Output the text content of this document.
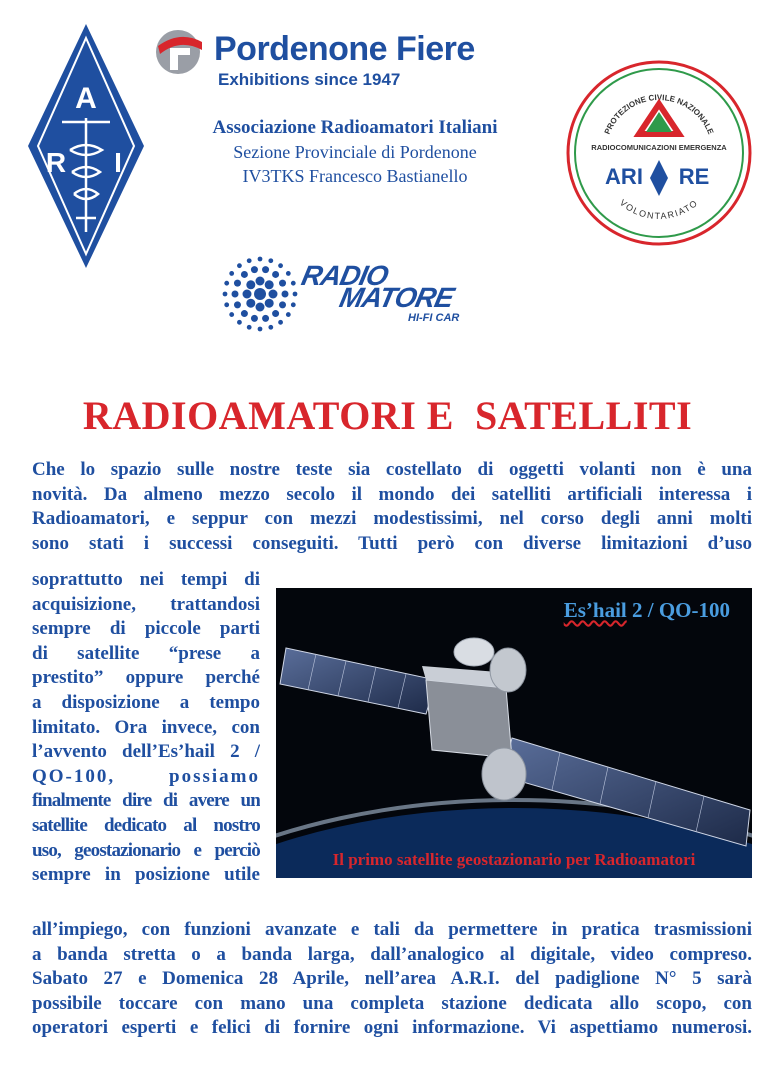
A
R I
Pordenone Fiere
Exhibitions since 1947
Associazione Radioamatori Italiani
Sezione Provinciale di Pordenone
IV3TKS Francesco Bastianello
PROTEZIONE CIVILE NAZIONALE
RADIOCOMUNICAZIONI EMERGENZA
ARI RE
VOLONTARIATO
RADIO
MATORE
HI-FI CAR
RADIOAMATORI E  SATELLITI
Che lo spazio sulle nostre teste sia costellato di oggetti volanti non è una
novità. Da almeno mezzo secolo il mondo dei satelliti artificiali interessa i
Radioamatori, e seppur con mezzi modestissimi, nel corso degli anni molti
sono stati i successi conseguiti. Tutti però con diverse limitazioni d’uso
soprattutto nei tempi di
acquisizione, trattandosi
sempre di piccole parti
di satellite “prese a
prestito” oppure perché
a disposizione a tempo
limitato. Ora invece, con
l’avvento dell’Es’hail 2 /
QO-100, possiamo
finalmente dire di avere un
satellite dedicato al nostro
uso, geostazionario e perciò
sempre in posizione utile
Es’hail 2 / QO-100
Il primo satellite geostazionario per Radioamatori
all’impiego, con funzioni avanzate e tali da permettere in pratica trasmissioni
a banda stretta o a banda larga, dall’analogico al digitale, video compreso.
Sabato 27 e Domenica 28 Aprile, nell’area A.R.I. del padiglione N° 5 sarà
possibile toccare con mano una completa stazione dedicata allo scopo, con
operatori esperti e felici di fornire ogni informazione. Vi aspettiamo numerosi.
